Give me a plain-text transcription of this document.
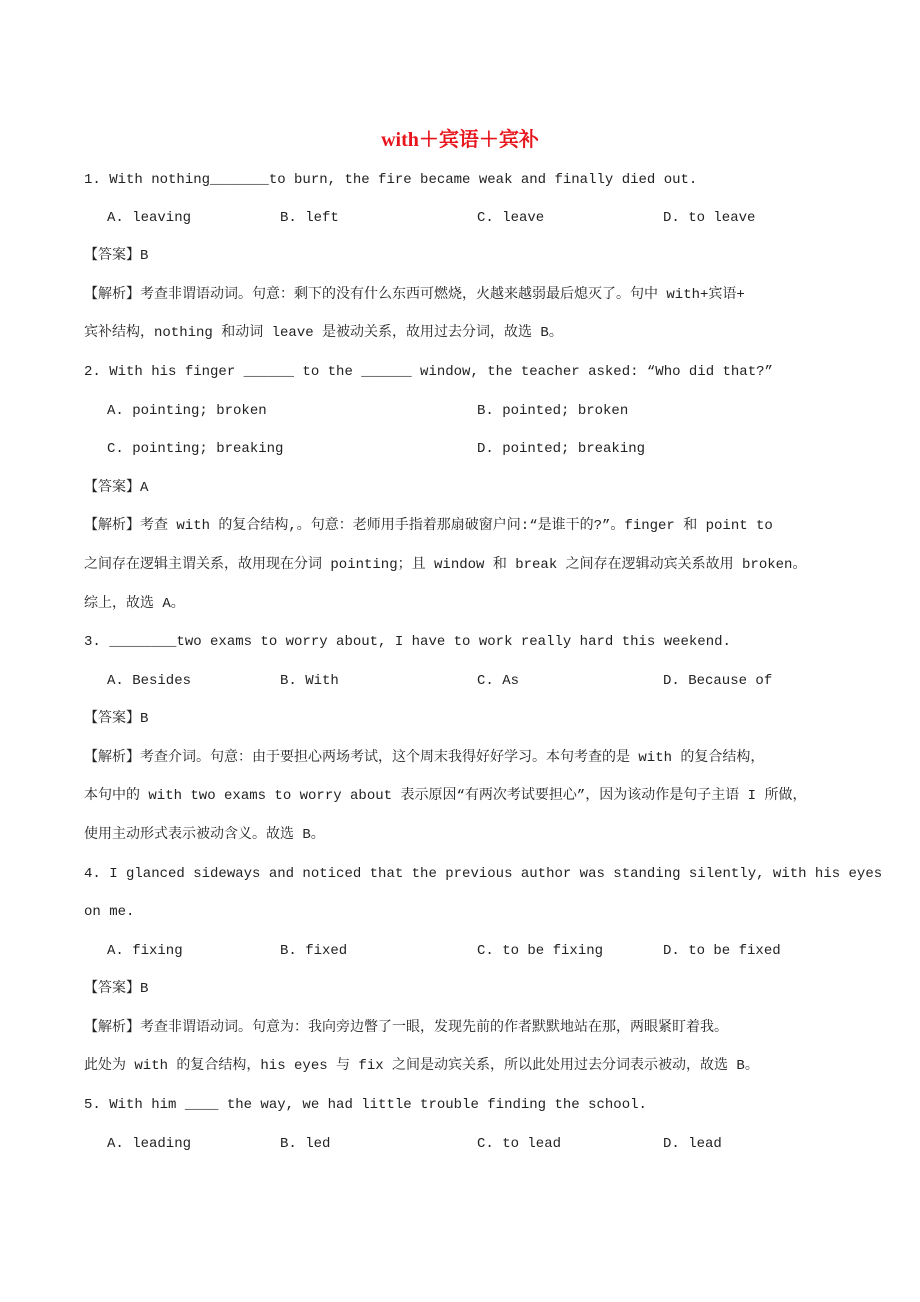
with＋宾语＋宾补
1. With nothing_______to burn, the fire became weak and finally died out.
A. leaving	B. left	C. leave	D. to leave
【答案】B
【解析】考查非谓语动词。句意：剩下的没有什么东西可燃烧，火越来越弱最后熄灭了。句中 with+宾语+
宾补结构，nothing 和动词 leave 是被动关系，故用过去分词，故选 B。
2. With his finger ______ to the ______ window, the teacher asked: “Who did that?”
A. pointing; broken	B. pointed; broken
C. pointing; breaking	D. pointed; breaking
【答案】A
【解析】考查 with 的复合结构,。句意：老师用手指着那扇破窗户问:“是谁干的?”。finger 和 point to
之间存在逻辑主谓关系，故用现在分词 pointing；且 window 和 break 之间存在逻辑动宾关系故用 broken。
综上，故选 A。
3. ________two exams to worry about, I have to work really hard this weekend.
A. Besides	B. With	C. As	D. Because of
【答案】B
【解析】考查介词。句意：由于要担心两场考试，这个周末我得好好学习。本句考查的是 with 的复合结构，
本句中的 with two exams to worry about 表示原因“有两次考试要担心”，因为该动作是句子主语 I 所做，
使用主动形式表示被动含义。故选 B。
4. I glanced sideways and noticed that the previous author was standing silently, with his eyes
on me.
A. fixing	B. fixed	C. to be fixing	D. to be fixed
【答案】B
【解析】考查非谓语动词。句意为：我向旁边瞥了一眼，发现先前的作者默默地站在那，两眼紧盯着我。
此处为 with 的复合结构，his eyes 与 fix 之间是动宾关系，所以此处用过去分词表示被动，故选 B。
5. With him ____ the way, we had little trouble finding the school.
A. leading	B. led	C. to lead	D. lead
